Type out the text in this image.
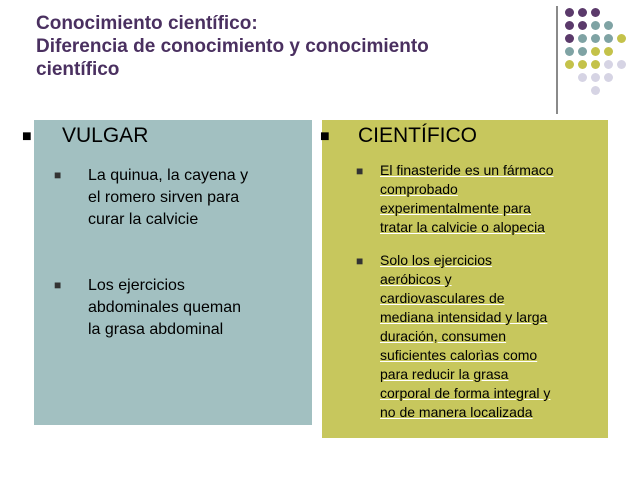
Conocimiento científico:
Diferencia de conocimiento y conocimiento
científico
■ VULGAR
■ La quinua, la cayena y
el romero sirven para
curar la calvicie
■ Los ejercicios
abdominales queman
la grasa abdominal
■ CIENTÍFICO
■ El finasteride es un fármaco
comprobado
experimentalmente para
tratar la calvicie o alopecia
■ Solo los ejercicios
aeróbicos y
cardiovasculares de
mediana intensidad y larga
duración, consumen
suficientes calorìas como
para reducir la grasa
corporal de forma integral y
no de manera localizada
